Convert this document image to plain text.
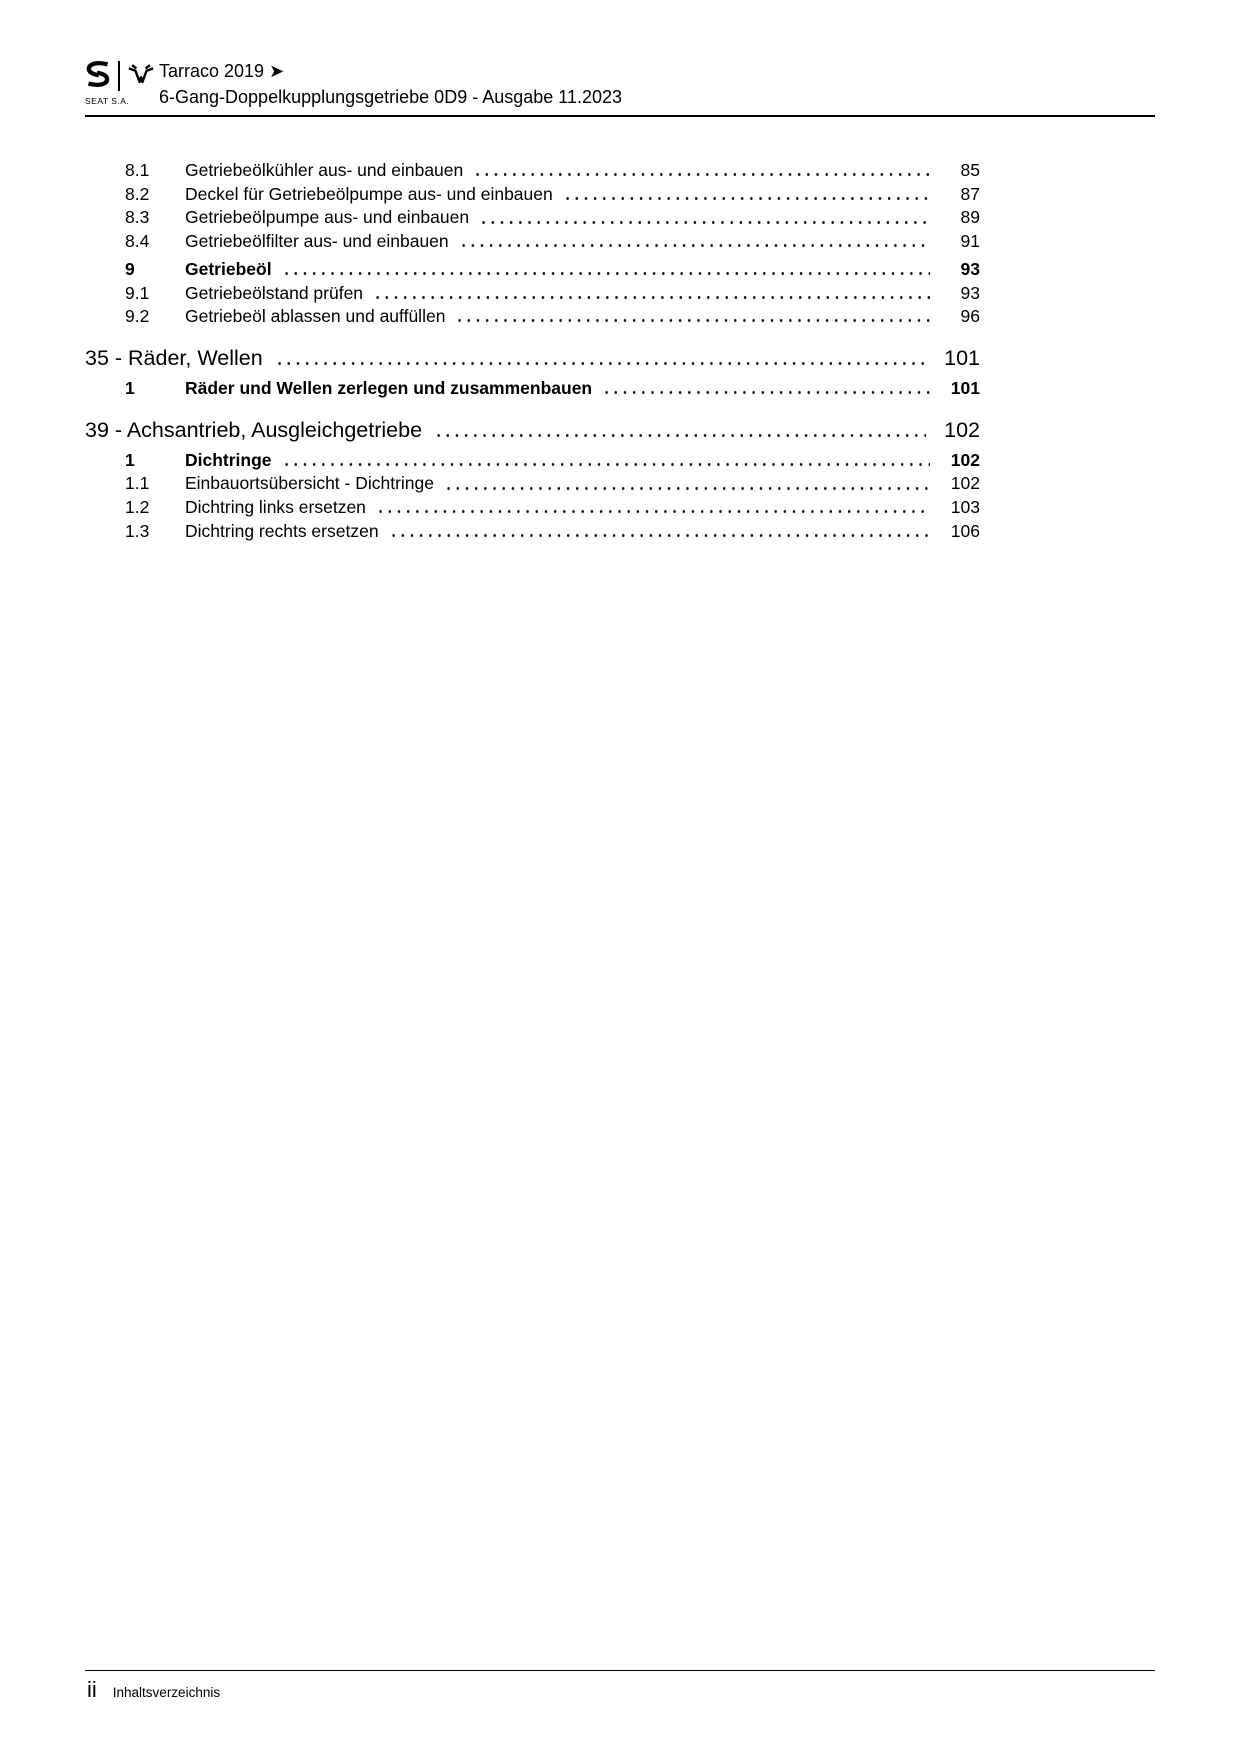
SEAT S.A.
Tarraco 2019 ➤
6-Gang-Doppelkupplungsgetriebe 0D9 - Ausgabe 11.2023
8.1	Getriebeölkühler aus- und einbauen	85
8.2	Deckel für Getriebeölpumpe aus- und einbauen	87
8.3	Getriebeölpumpe aus- und einbauen	89
8.4	Getriebeölfilter aus- und einbauen	91
9	Getriebeöl	93
9.1	Getriebeölstand prüfen	93
9.2	Getriebeöl ablassen und auffüllen	96
35 - Räder, Wellen	101
1	Räder und Wellen zerlegen und zusammenbauen	101
39 - Achsantrieb, Ausgleichgetriebe	102
1	Dichtringe	102
1.1	Einbauortsübersicht - Dichtringe	102
1.2	Dichtring links ersetzen	103
1.3	Dichtring rechts ersetzen	106
ii Inhaltsverzeichnis
